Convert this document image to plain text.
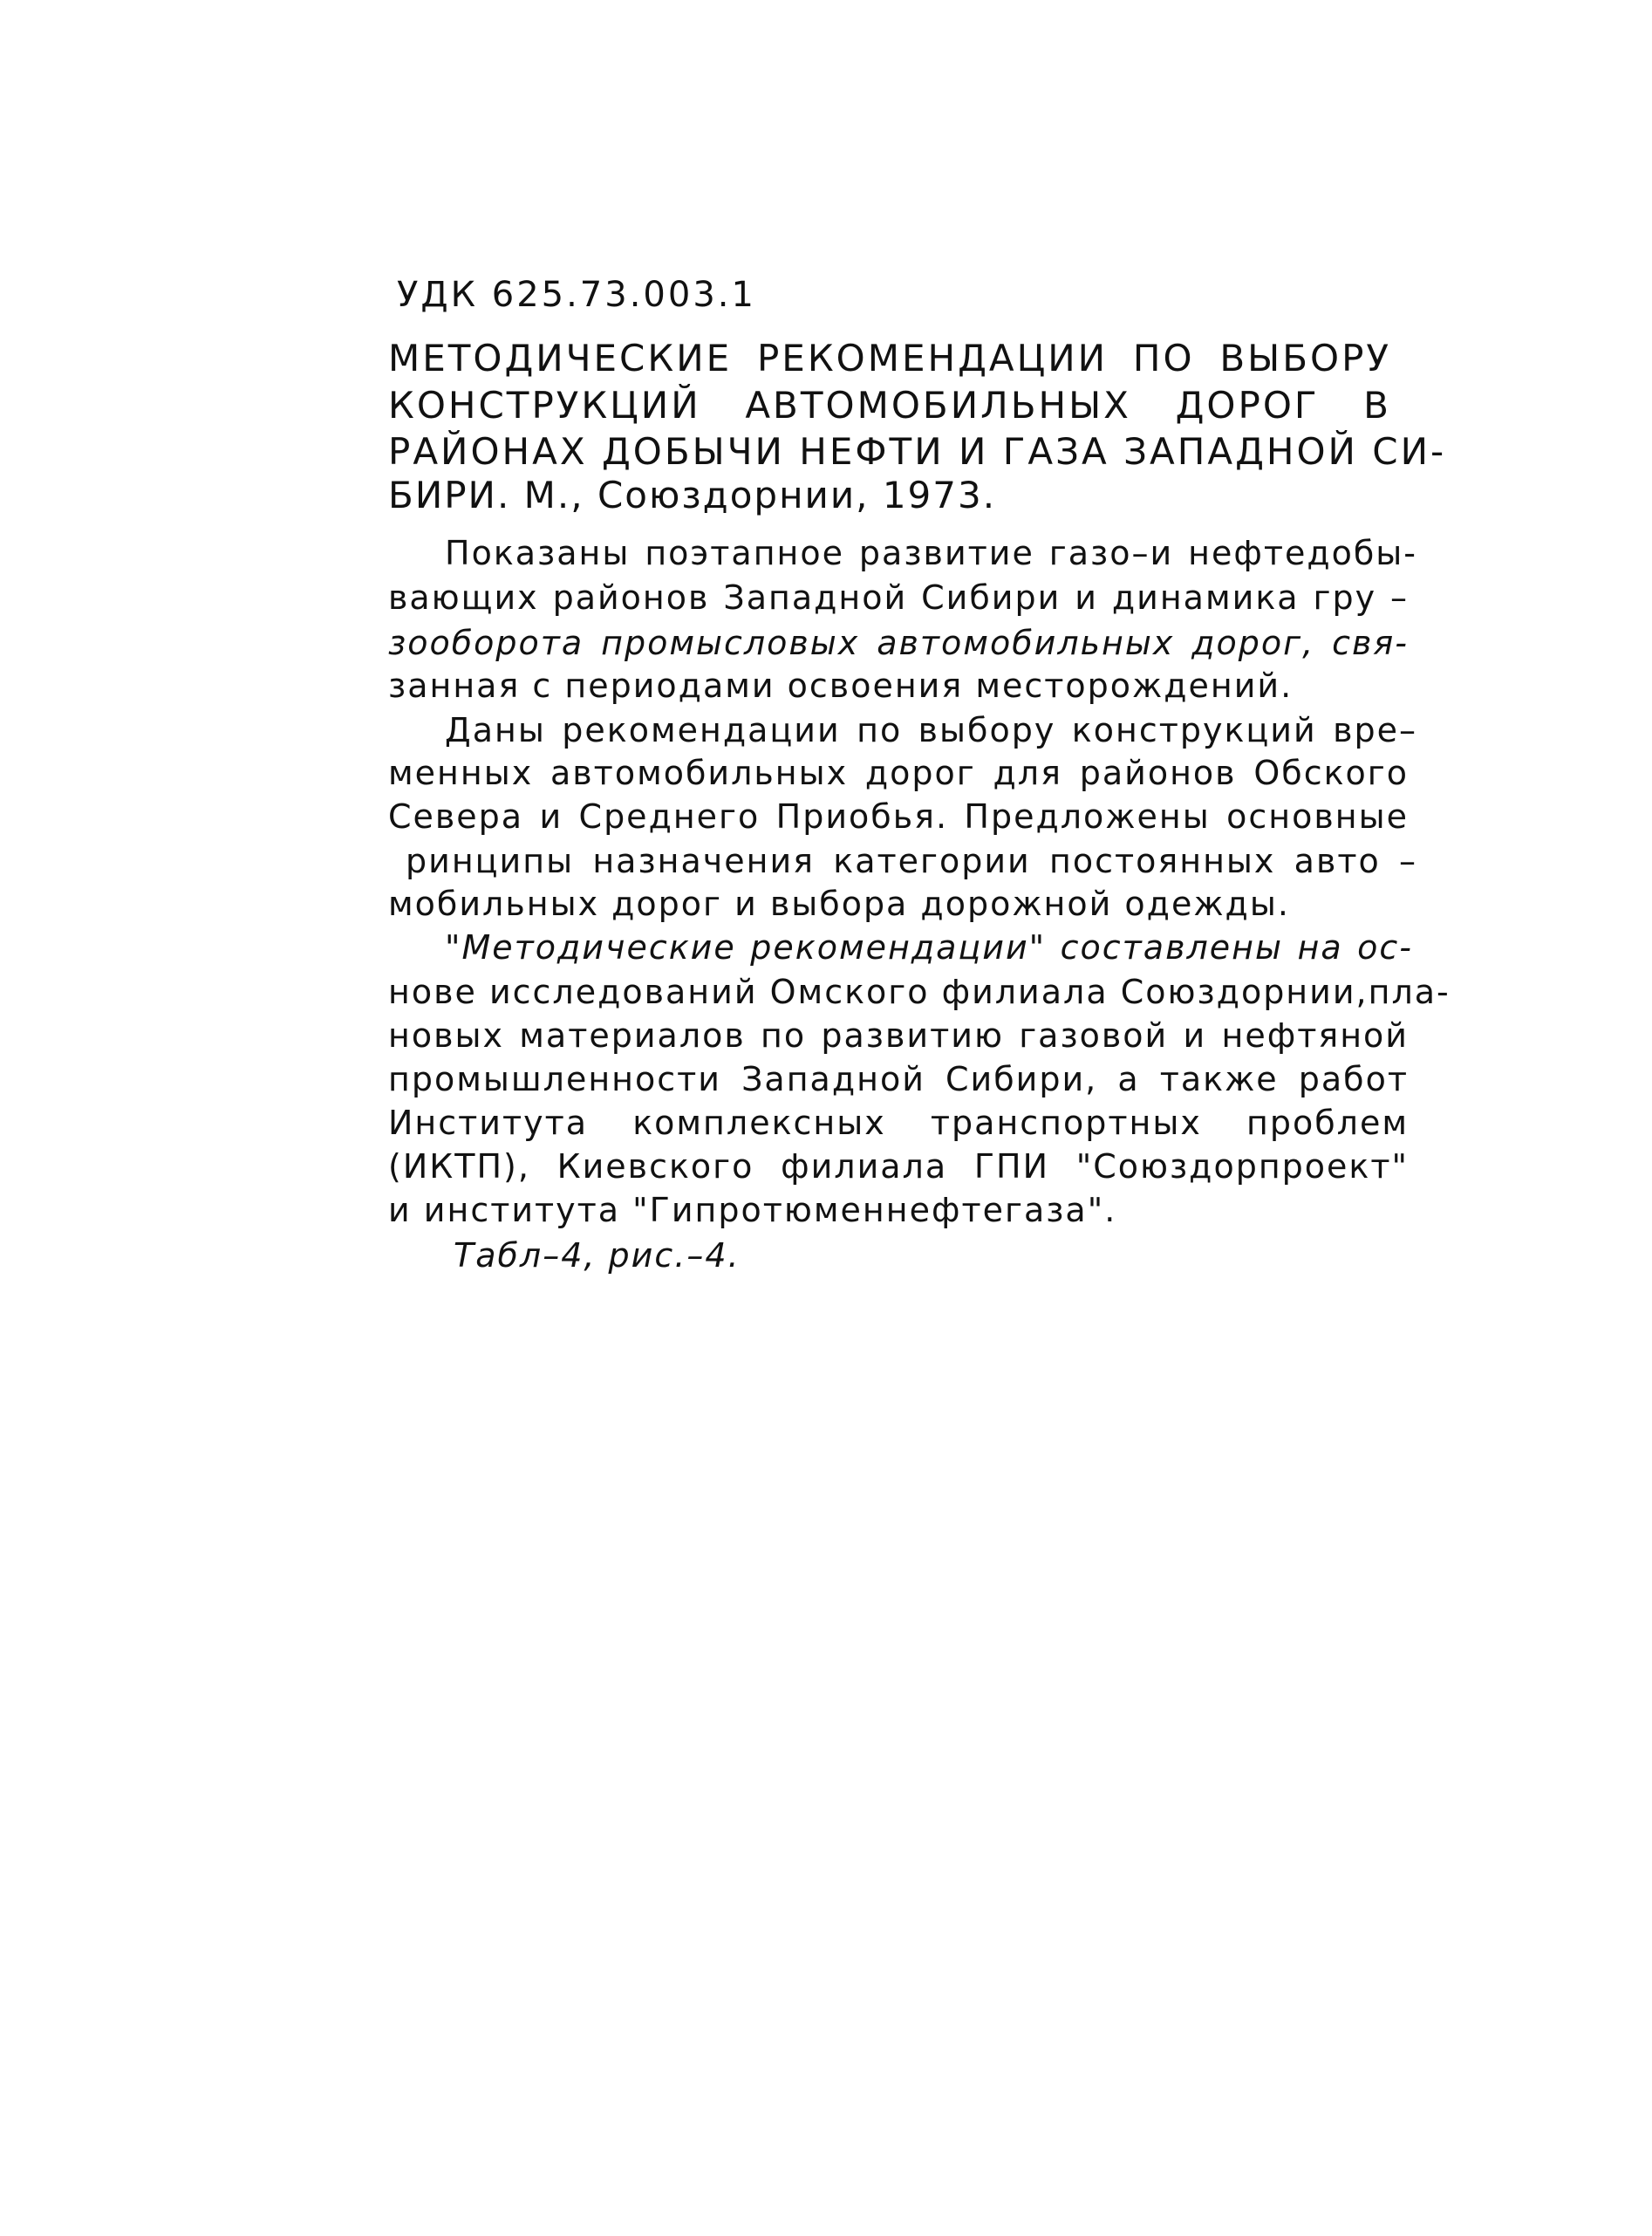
УДК 625.73.003.1
МЕТОДИЧЕСКИЕ РЕКОМЕНДАЦИИ ПО ВЫБОРУ
КОНСТРУКЦИЙ АВТОМОБИЛЬНЫХ ДОРОГ В
РАЙОНАХ ДОБЫЧИ НЕФТИ И ГАЗА ЗАПАДНОЙ СИ-
БИРИ. М., Союздорнии, 1973.
Показаны поэтапное развитие газо–и нефтедобы-
вающих районов Западной Сибири и динамика гру –
зооборота промысловых автомобильных дорог, свя-
занная с периодами освоения месторождений.
Даны рекомендации по выбору конструкций вре–
менных автомобильных дорог для районов Обского
Севера и Среднего Приобья. Предложены основные
ринципы назначения категории постоянных авто –
мобильных дорог и выбора дорожной одежды.
"Методические рекомендации" составлены на ос-
нове исследований Омского филиала Союздорнии,пла-
новых материалов по развитию газовой и нефтяной
промышленности Западной Сибири, а также работ
Института комплексных транспортных проблем
(ИКТП), Киевского филиала ГПИ "Союздорпроект"
и института "Гипротюменнефтегаза".
Табл–4, рис.–4.
